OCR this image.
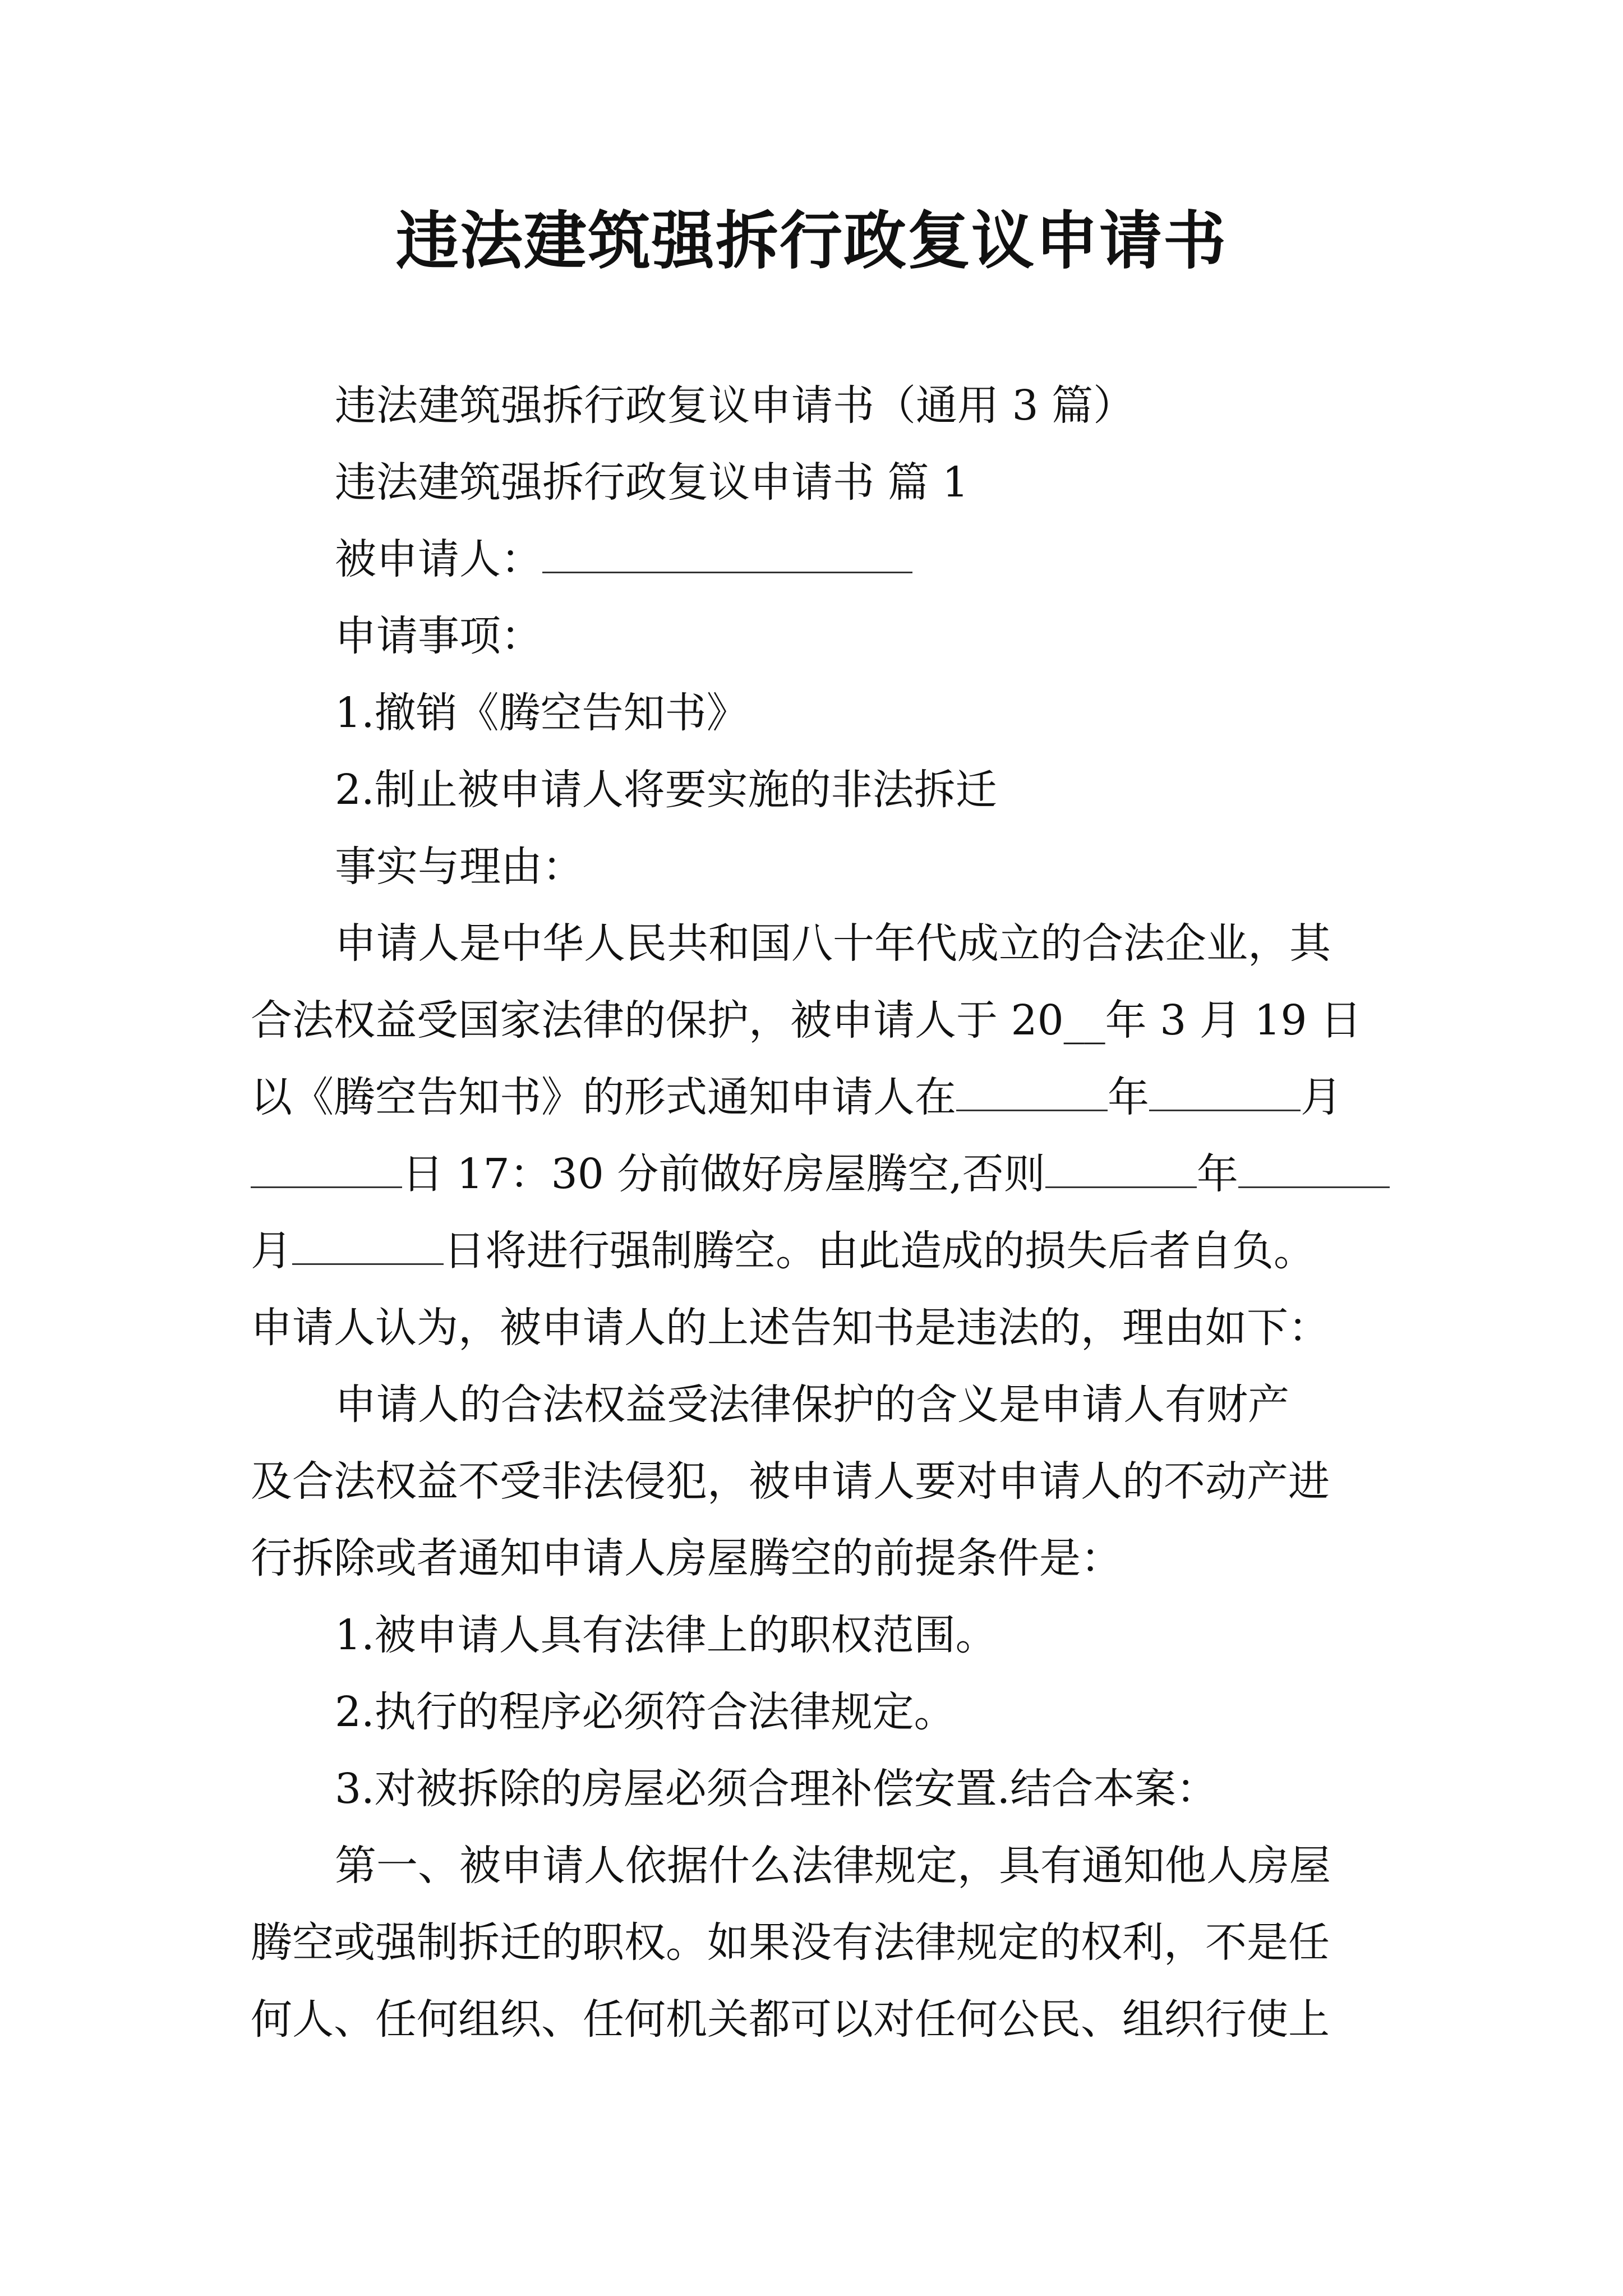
违法建筑强拆行政复议申请书
违法建筑强拆行政复议申请书（通用 3 篇）
违法建筑强拆行政复议申请书 篇 1
被申请人：
申请事项：
1.撤销《腾空告知书》
2.制止被申请人将要实施的非法拆迁
事实与理由：
申请人是中华人民共和国八十年代成立的合法企业，其
合法权益受国家法律的保护，被申请人于 20__年 3 月 19 日
以《腾空告知书》的形式通知申请人在	年	月
日 17：30 分前做好房屋腾空,否则	年
月	日将进行强制腾空。由此造成的损失后者自负。
申请人认为，被申请人的上述告知书是违法的，理由如下：
申请人的合法权益受法律保护的含义是申请人有财产
及合法权益不受非法侵犯，被申请人要对申请人的不动产进
行拆除或者通知申请人房屋腾空的前提条件是：
1.被申请人具有法律上的职权范围。
2.执行的程序必须符合法律规定。
3.对被拆除的房屋必须合理补偿安置.结合本案：
第一、被申请人依据什么法律规定，具有通知他人房屋
腾空或强制拆迁的职权。如果没有法律规定的权利，不是任
何人、任何组织、任何机关都可以对任何公民、组织行使上
